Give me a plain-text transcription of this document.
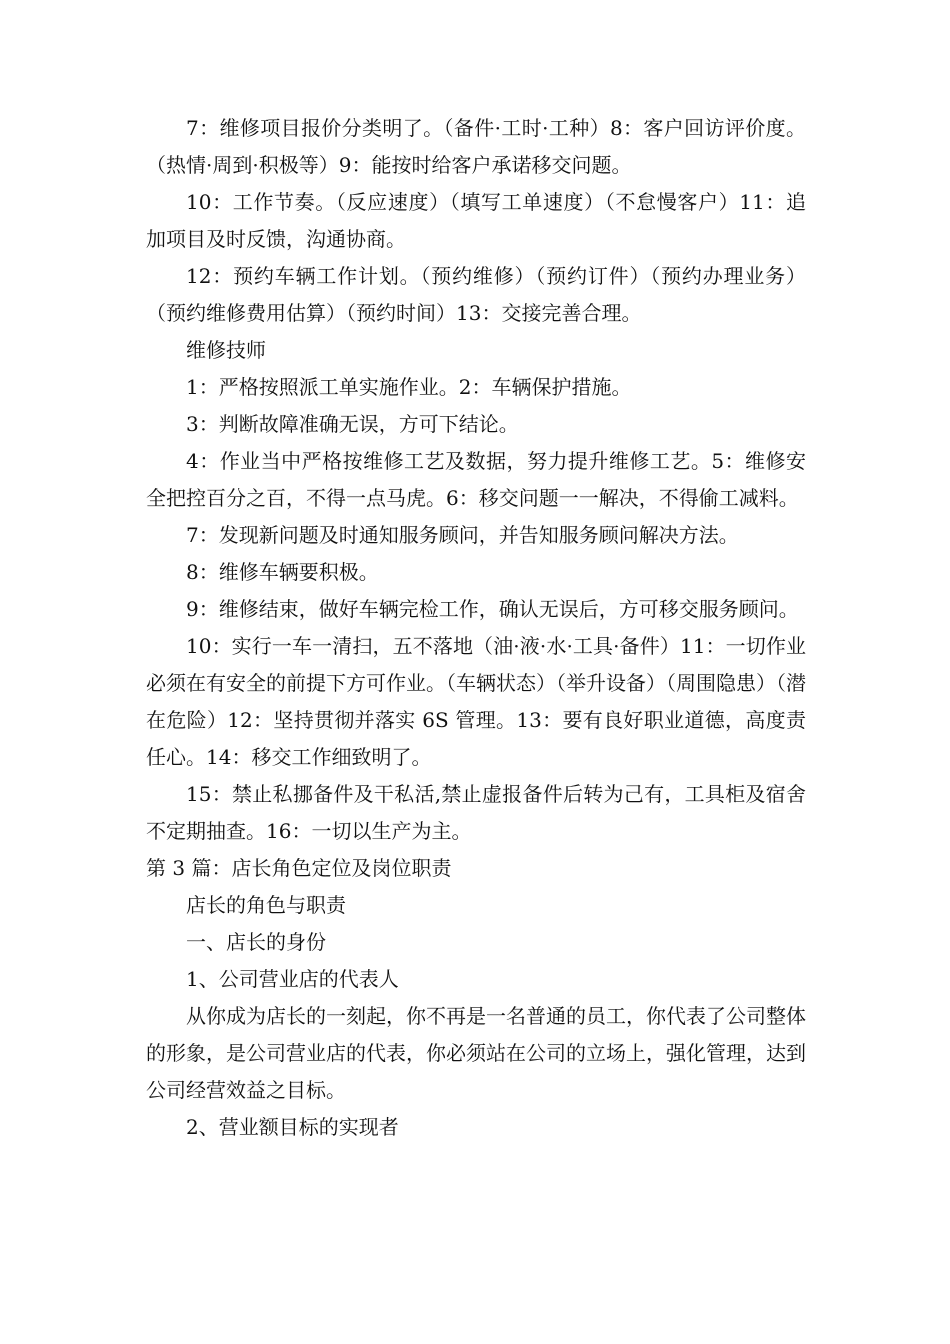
7：维修项目报价分类明了。（备件·工时·工种）8：客户回访评价度。（热情·周到·积极等）9：能按时给客户承诺移交问题。

10：工作节奏。（反应速度）（填写工单速度）（不怠慢客户）11：追加项目及时反馈，沟通协商。

12：预约车辆工作计划。（预约维修）（预约订件）（预约办理业务）（预约维修费用估算）（预约时间）13：交接完善合理。

维修技师

1：严格按照派工单实施作业。2：车辆保护措施。

3：判断故障准确无误，方可下结论。

4：作业当中严格按维修工艺及数据，努力提升维修工艺。5：维修安全把控百分之百，不得一点马虎。6：移交问题一一解决，不得偷工减料。

7：发现新问题及时通知服务顾问，并告知服务顾问解决方法。

8：维修车辆要积极。

9：维修结束，做好车辆完检工作，确认无误后，方可移交服务顾问。

10：实行一车一清扫，五不落地（油·液·水·工具·备件）11：一切作业必须在有安全的前提下方可作业。（车辆状态）（举升设备）（周围隐患）（潜在危险）12：坚持贯彻并落实 6S 管理。13：要有良好职业道德，高度责任心。14：移交工作细致明了。

15：禁止私挪备件及干私活,禁止虚报备件后转为己有，工具柜及宿舍不定期抽查。16：一切以生产为主。

第 3 篇：店长角色定位及岗位职责

店长的角色与职责

一、店长的身份

1、公司营业店的代表人

从你成为店长的一刻起，你不再是一名普通的员工，你代表了公司整体的形象，是公司营业店的代表，你必须站在公司的立场上，强化管理，达到公司经营效益之目标。

2、营业额目标的实现者
